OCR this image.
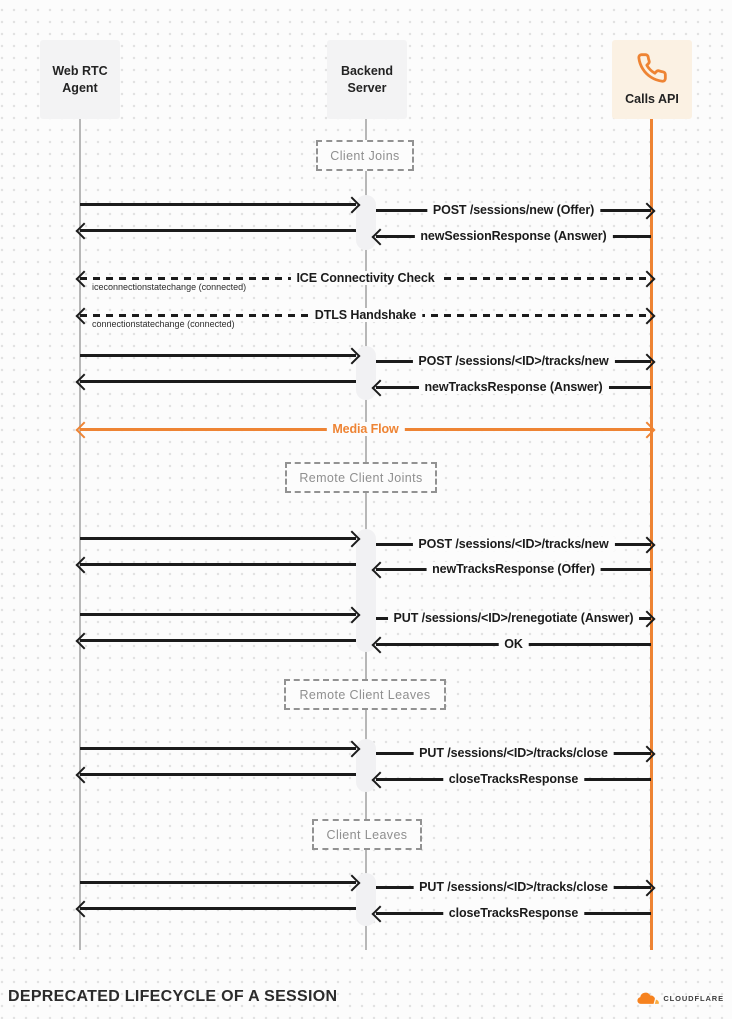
Client Joins
Remote Client Joints
Remote Client Leaves
Client Leaves
POST /sessions/new (Offer)
newSessionResponse (Answer)
ICE Connectivity Check
iceconnectionstatechange (connected)
DTLS Handshake
connectionstatechange (connected)
POST /sessions/<ID>/tracks/new
newTracksResponse (Answer)
Media Flow
POST /sessions/<ID>/tracks/new
newTracksResponse (Offer)
PUT /sessions/<ID>/renegotiate (Answer)
OK
PUT /sessions/<ID>/tracks/close
closeTracksResponse
PUT /sessions/<ID>/tracks/close
closeTracksResponse
Web RTC
Agent
Backend
Server
Calls API
DEPRECATED LIFECYCLE OF A SESSION	CLOUDFLARE
